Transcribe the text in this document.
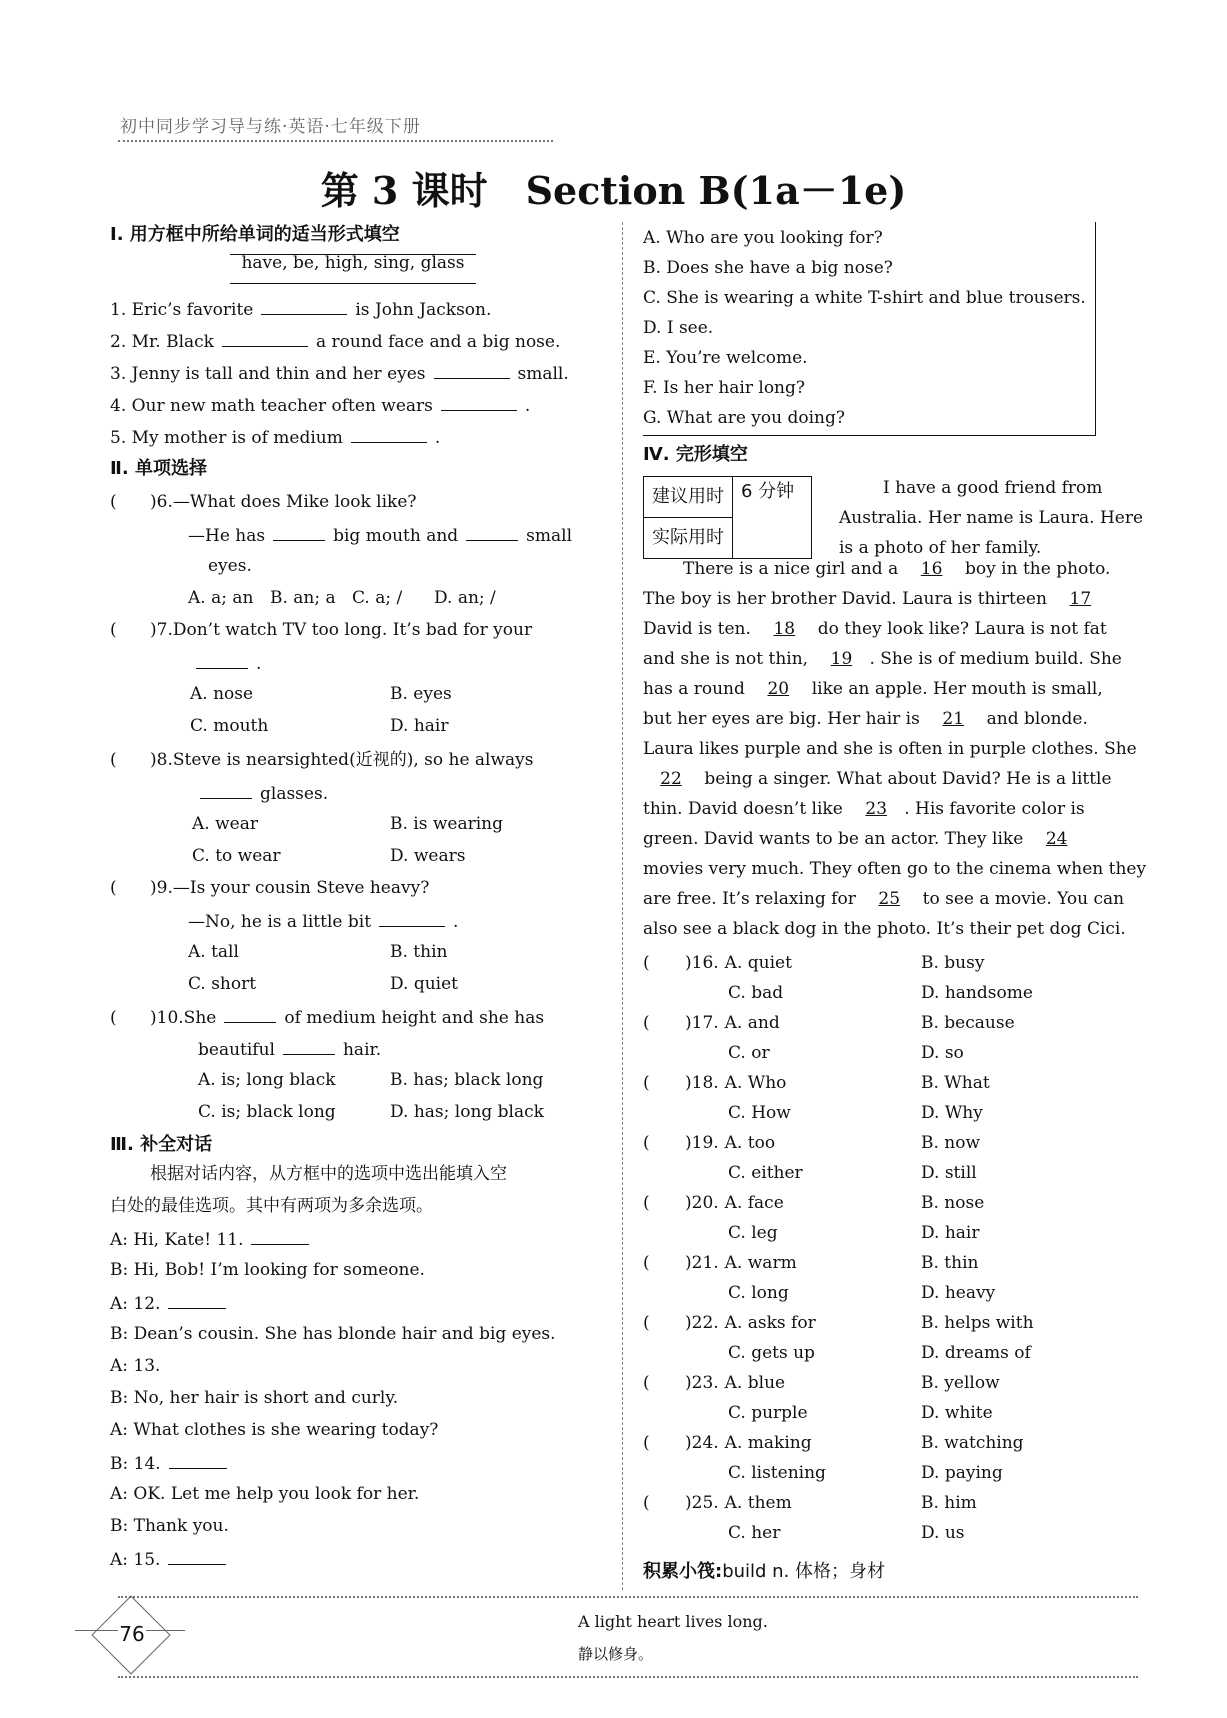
初中同步学习导与练·英语·七年级下册
第 3 课时　Section B(1a－1e)
Ⅰ. 用方框中所给单词的适当形式填空
have, be, high, sing, glass
1. Eric’s favorite	is John Jackson.
2. Mr. Black	a round face and a big nose.
3. Jenny is tall and thin and her eyes	small.
4. Our new math teacher often wears	.
5. My mother is of medium	.
Ⅱ. 单项选择
( )6.—What does Mike look like?
—He has	big mouth and	small
eyes.
A. a; an B. an; a C. a; / D. an; /
( )7.Don’t watch TV too long. It’s bad for your
.
A. nose	B. eyes
C. mouth	D. hair
( )8.Steve is nearsighted(近视的), so he always
glasses.
A. wear	B. is wearing
C. to wear	D. wears
( )9.—Is your cousin Steve heavy?
—No, he is a little bit	.
A. tall	B. thin
C. short	D. quiet
( )10.She	of medium height and she has
beautiful	hair.
A. is; long black	B. has; black long
C. is; black long	D. has; long black
Ⅲ. 补全对话
根据对话内容，从方框中的选项中选出能填入空
白处的最佳选项。其中有两项为多余选项。
A: Hi, Kate! 11.
B: Hi, Bob! I’m looking for someone.
A: 12.
B: Dean’s cousin. She has blonde hair and big eyes.
A: 13.
B: No, her hair is short and curly.
A: What clothes is she wearing today?
B: 14.
A: OK. Let me help you look for her.
B: Thank you.
A: 15.
A. Who are you looking for?
B. Does she have a big nose?
C. She is wearing a white T-shirt and blue trousers.
D. I see.
E. You’re welcome.
F. Is her hair long?
G. What are you doing?
Ⅳ. 完形填空
建议用时	6 分钟
实际用时
I have a good friend from
Australia. Her name is Laura. Here
is a photo of her family.
There is a nice girl and a 16 boy in the photo.
The boy is her brother David. Laura is thirteen 17
David is ten. 18 do they look like? Laura is not fat
and she is not thin, 19 . She is of medium build. She
has a round 20 like an apple. Her mouth is small,
but her eyes are big. Her hair is 21 and blonde.
Laura likes purple and she is often in purple clothes. She
22 being a singer. What about David? He is a little
thin. David doesn’t like 23 . His favorite color is
green. David wants to be an actor. They like 24
movies very much. They often go to the cinema when they
are free. It’s relaxing for 25 to see a movie. You can
also see a black dog in the photo. It’s their pet dog Cici.
( )16. A. quiet	B. busy
C. bad	D. handsome
( )17. A. and	B. because
C. or	D. so
( )18. A. Who	B. What
C. How	D. Why
( )19. A. too	B. now
C. either	D. still
( )20. A. face	B. nose
C. leg	D. hair
( )21. A. warm	B. thin
C. long	D. heavy
( )22. A. asks for	B. helps with
C. gets up	D. dreams of
( )23. A. blue	B. yellow
C. purple	D. white
( )24. A. making	B. watching
C. listening	D. paying
( )25. A. them	B. him
C. her	D. us
积累小筏:build n. 体格；身材
76
A light heart lives long.
静以修身。
